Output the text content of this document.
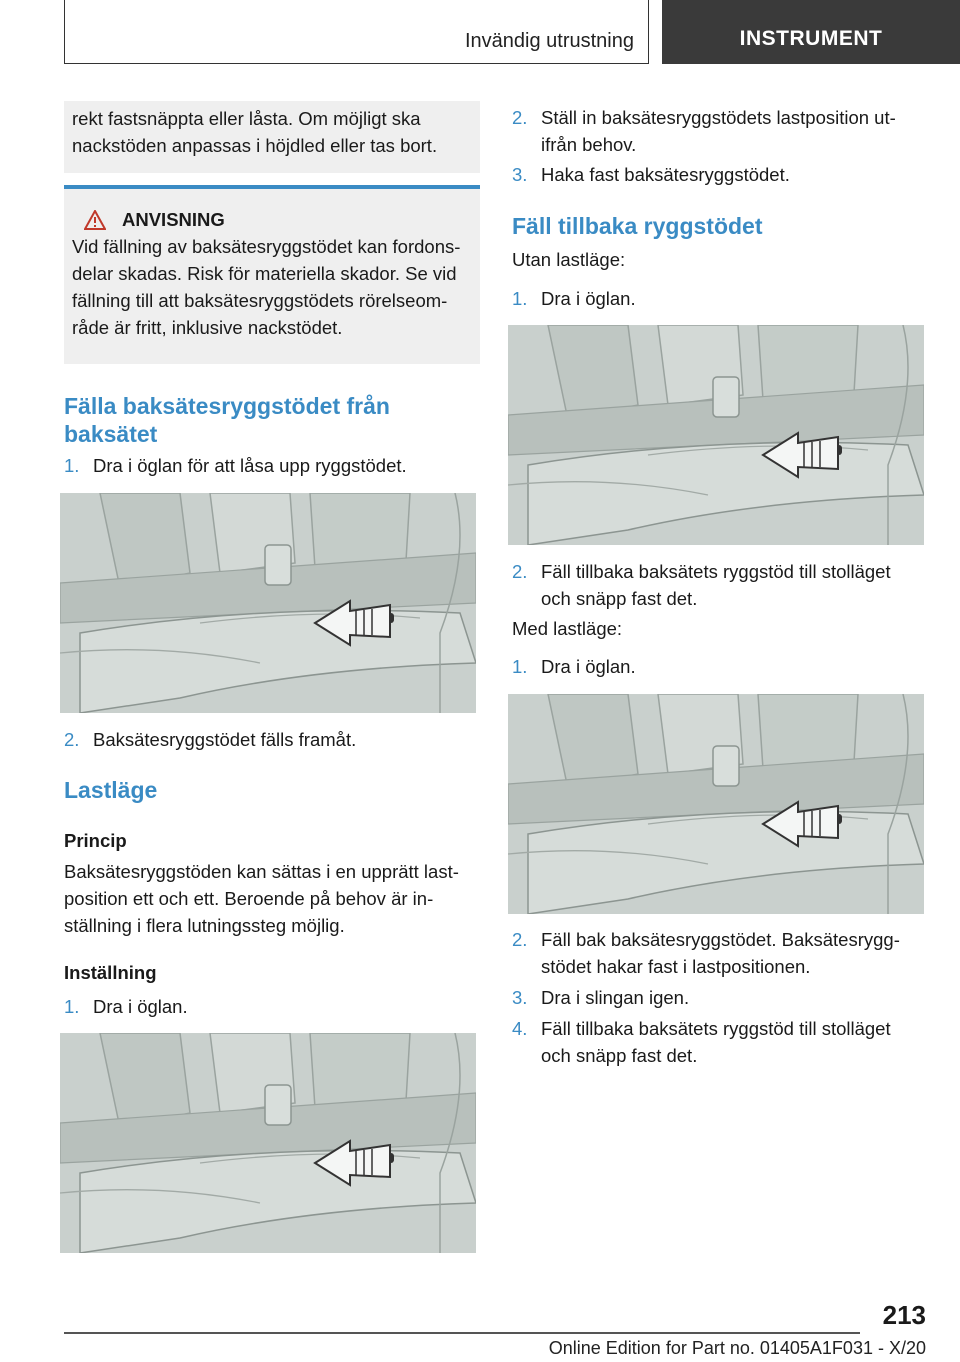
Invändig utrustning	INSTRUMENT

rekt fastsnäppta eller låsta. Om möjligt ska nackstöden anpassas i höjdled eller tas bort.

ANVISNING

Vid fällning av baksätesryggstödet kan fordonsdelar skadas. Risk för materiella skador. Se vid fällning till att baksätesryggstödets rörelseområde är fritt, inklusive nackstödet.

Fälla baksätesryggstödet från baksätet
1. Dra i öglan för att låsa upp ryggstödet.
2. Baksätesryggstödet fälls framåt.
Lastläge
Princip

Baksätesryggstöden kan sättas i en upprätt lastposition ett och ett. Beroende på behov är inställning i flera lutningssteg möjlig.

Inställning
1. Dra i öglan.
2. Ställ in baksätesryggstödets lastposition utifrån behov.
3. Haka fast baksätesryggstödet.
Fäll tillbaka ryggstödet

Utan lastläge:

1. Dra i öglan.
2. Fäll tillbaka baksätets ryggstöd till stolläget och snäpp fast det.

Med lastläge:

1. Dra i öglan.
2. Fäll bak baksätesryggstödet. Baksätesryggstödet hakar fast i lastpositionen.
3. Dra i slingan igen.
4. Fäll tillbaka baksätets ryggstöd till stolläget och snäpp fast det.
213
Online Edition for Part no. 01405A1F031 - X/20
